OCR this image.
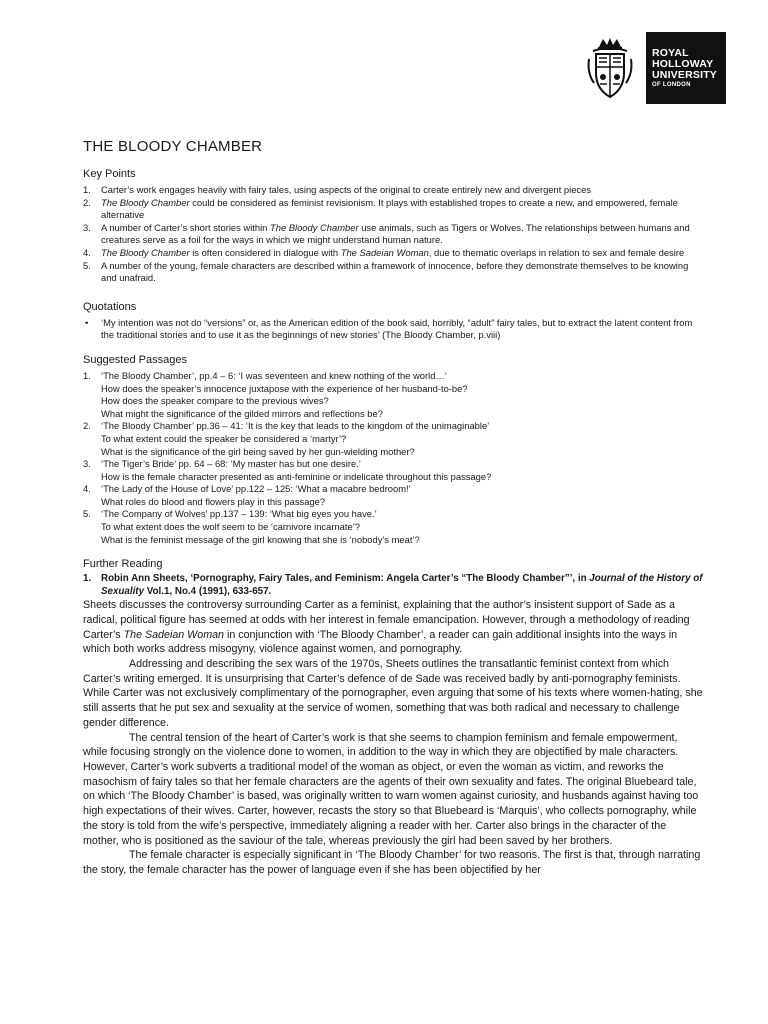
ROYAL
HOLLOWAY
UNIVERSITY
OF LONDON
THE BLOODY CHAMBER
Key Points
1. Carter’s work engages heavily with fairy tales, using aspects of the original to create entirely new and divergent pieces
2. The Bloody Chamber could be considered as feminist revisionism. It plays with established tropes to create a new, and empowered, female alternative
3. A number of Carter’s short stories within The Bloody Chamber use animals, such as Tigers or Wolves. The relationships between humans and creatures serve as a foil for the ways in which we might understand human nature.
4. The Bloody Chamber is often considered in dialogue with The Sadeian Woman, due to thematic overlaps in relation to sex and female desire
5. A number of the young, female characters are described within a framework of innocence, before they demonstrate themselves to be knowing and unafraid.
Quotations
• ‘My intention was not do “versions” or, as the American edition of the book said, horribly, “adult” fairy tales, but to extract the latent content from the traditional stories and to use it as the beginnings of new stories’ (The Bloody Chamber, p.viii)
Suggested Passages
1. ‘The Bloody Chamber’, pp.4 – 6: ‘I was seventeen and knew nothing of the world…’
How does the speaker’s innocence juxtapose with the experience of her husband-to-be?
How does the speaker compare to the previous wives?
What might the significance of the gilded mirrors and reflections be?
2. ‘The Bloody Chamber’ pp.36 – 41: ‘It is the key that leads to the kingdom of the unimaginable’
To what extent could the speaker be considered a ‘martyr’?
What is the significance of the girl being saved by her gun-wielding mother?
3. ‘The Tiger’s Bride’ pp. 64 – 68: ‘My master has but one desire.’
How is the female character presented as anti-feminine or indelicate throughout this passage?
4. ‘The Lady of the House of Love’ pp.122 – 125: ‘What a macabre bedroom!’
What roles do blood and flowers play in this passage?
5. ‘The Company of Wolves’ pp.137 – 139: ‘What big eyes you have.’
To what extent does the wolf seem to be ‘carnivore incarnate’?
What is the feminist message of the girl knowing that she is ‘nobody’s meat’?
Further Reading
1. Robin Ann Sheets, ‘Pornography, Fairy Tales, and Feminism: Angela Carter’s “The Bloody Chamber”’, in Journal of the History of Sexuality Vol.1, No.4 (1991), 633-657.

Sheets discusses the controversy surrounding Carter as a feminist, explaining that the author’s insistent support of Sade as a radical, political figure has seemed at odds with her interest in female emancipation. However, through a methodology of reading Carter’s The Sadeian Woman in conjunction with ‘The Bloody Chamber’, a reader can gain additional insights into the ways in which both works address misogyny, violence against women, and pornography.

Addressing and describing the sex wars of the 1970s, Sheets outlines the transatlantic feminist context from which Carter’s writing emerged. It is unsurprising that Carter’s defence of de Sade was received badly by anti-pornography feminists. While Carter was not exclusively complimentary of the pornographer, even arguing that some of his texts where women-hating, she still asserts that he put sex and sexuality at the service of women, something that was both radical and necessary to challenge gender difference.

The central tension of the heart of Carter’s work is that she seems to champion feminism and female empowerment, while focusing strongly on the violence done to women, in addition to the way in which they are objectified by male characters. However, Carter’s work subverts a traditional model of the woman as object, or even the woman as victim, and reworks the masochism of fairy tales so that her female characters are the agents of their own sexuality and fates. The original Bluebeard tale, on which ‘The Bloody Chamber’ is based, was originally written to warn women against curiosity, and husbands against having too high expectations of their wives. Carter, however, recasts the story so that Bluebeard is ‘Marquis’, who collects pornography, while the story is told from the wife’s perspective, immediately aligning a reader with her. Carter also brings in the character of the mother, who is positioned as the saviour of the tale, whereas previously the girl had been saved by her brothers.

The female character is especially significant in ‘The Bloody Chamber’ for two reasons. The first is that, through narrating the story, the female character has the power of language even if she has been objectified by her
